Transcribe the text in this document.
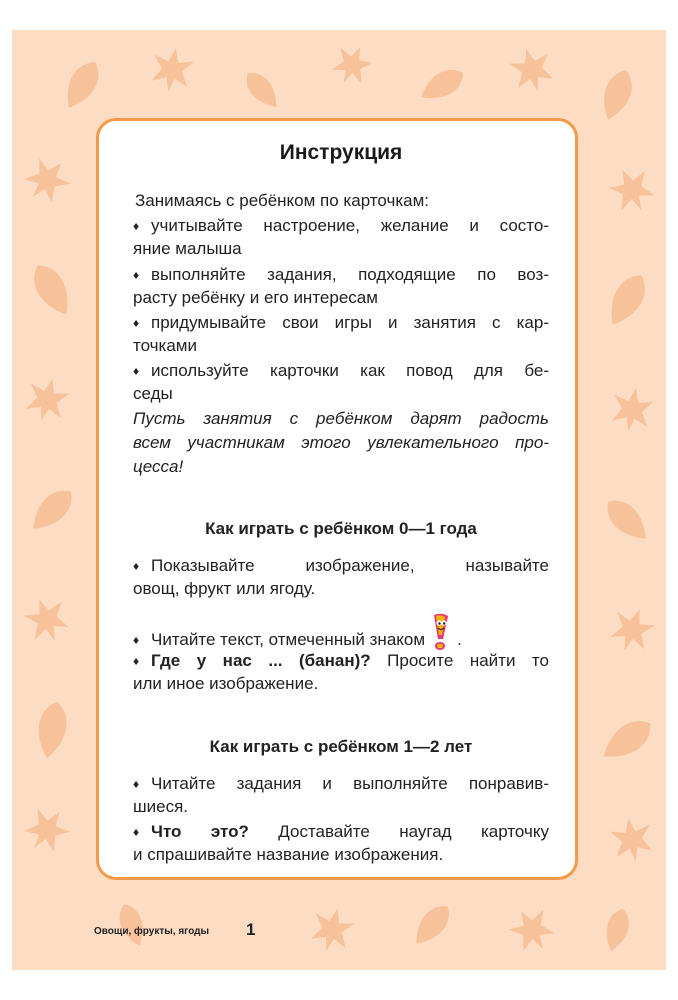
Инструкция

Занимаясь с ребёнком по карточкам:

♦ учитывайте настроение, желание и состо-

яние малыша

♦ выполняйте задания, подходящие по воз-

расту ребёнку и его интересам

♦ придумывайте свои игры и занятия с кар-

точками

♦ используйте карточки как повод для бе-

седы

Пусть занятия с ребёнком дарят радость

всем участникам этого увлекательного про-

цесса!

Как играть с ребёнком 0—1 года

♦ Показывайте изображение, называйте

овощ, фрукт или ягоду.

♦ Читайте текст, отмеченный знаком .

♦ Где у нас ... (банан)? Просите найти то

или иное изображение.

Как играть с ребёнком 1—2 лет

♦ Читайте задания и выполняйте понравив-

шиеся.

♦ Что это? Доставайте наугад карточку

и спрашивайте название изображения.

Овощи, фрукты, ягоды 1
